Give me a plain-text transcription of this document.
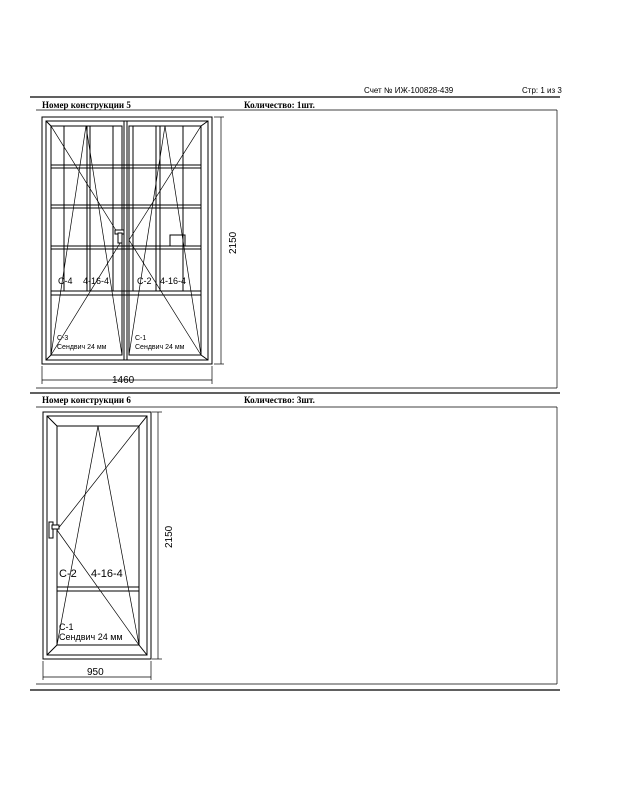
Счет № ИЖ-100828-439	Стр: 1 из 3
Номер конструкции 5	Количество: 1шт.
Номер конструкции 6	Количество: 3шт.
С-4 4-16-4	С-2 4-16-4
С-3
Сендвич 24 мм
С-1
Сендвич 24 мм
1460
2150
С-2 4-16-4
С-1
Сендвич 24 мм
950
2150
